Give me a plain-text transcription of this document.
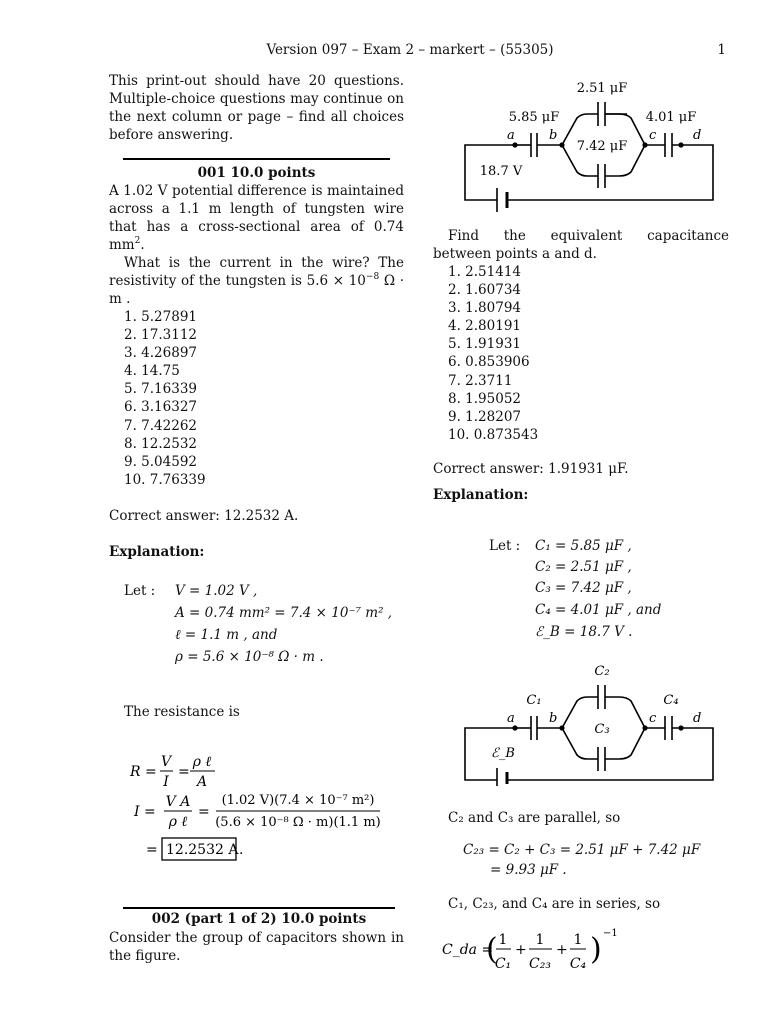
Version 097 – Exam 2 – markert – (55305)	1

This print-out should have 20 questions. Multiple-choice questions may continue on the next column or page – find all choices before answering.

001 10.0 points

A 1.02 V potential difference is maintained across a 1.1 m length of tungsten wire that has a cross-sectional area of 0.74 $mm^2$.

What is the current in the wire? The resistivity of the tungsten is $5.6 \times 10^{-8}$ Ω · m .

1. 5.27891
2. 17.3112
3. 4.26897
4. 14.75
5. 7.16339
6. 3.16327
7. 7.42262
8. 12.2532
9. 5.04592
10. 7.76339

Correct answer: 12.2532 A.

Explanation:

Let : V = 1.02 V ,
A = 0.74 mm² = 7.4 × 10⁻⁷ m² ,
ℓ = 1.1 m , and
ρ = 5.6 × 10⁻⁸ Ω · m .
The resistance is
R =
V
I
=
ρ ℓ
A
I =
V A
ρ ℓ
=
(1.02 V)(7.4 × 10⁻⁷ m²)
(5.6 × 10⁻⁸ Ω · m)(1.1 m)
= 12.2532 A .
002 (part 1 of 2) 10.0 points
Consider the group of capacitors shown in the figure.
2.51 μF
5.85 μF	4.01 μF
7.42 μF
18.7 V
a	b	c	d
Find the equivalent capacitance between points a and d.
1. 2.51414
2. 1.60734
3. 1.80794
4. 2.80191
5. 1.91931
6. 0.853906
7. 2.3711
8. 1.95052
9. 1.28207
10. 0.873543
Correct answer: 1.91931 μF.
Explanation:
Let : C₁ = 5.85 μF ,
C₂ = 2.51 μF ,
C₃ = 7.42 μF ,
C₄ = 4.01 μF , and
ℰ_B = 18.7 V .
C₂
C₁	C₄
C₃
ℰ_B
a	b	c	d
C₂ and C₃ are parallel, so
C₂₃ = C₂ + C₃ = 2.51 μF + 7.42 μF
= 9.93 μF .
C₁, C₂₃, and C₄ are in series, so
C_da =
( 1
C₁
+
1
C₂₃
+
1
C₄ ) −1
